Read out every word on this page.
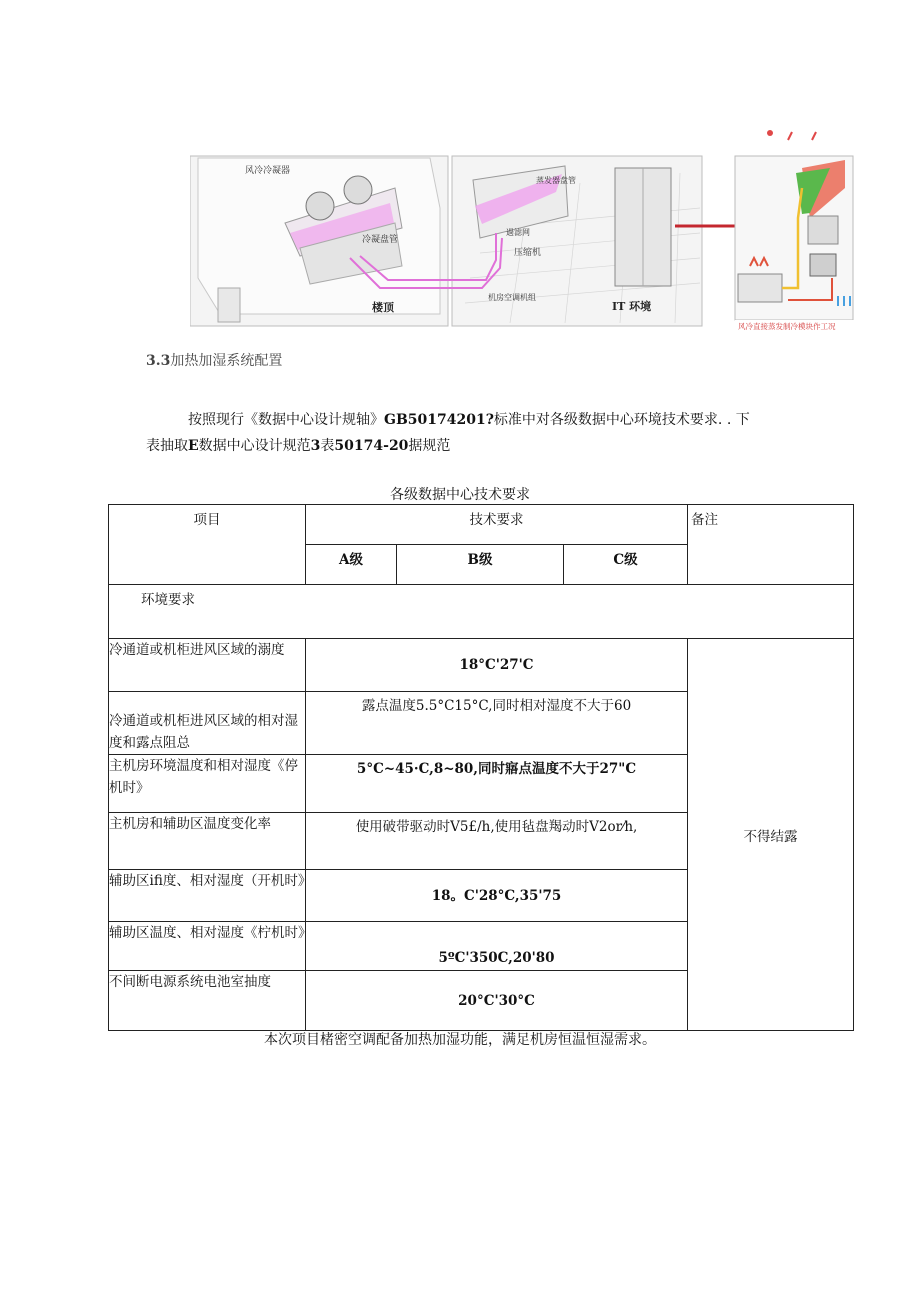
风冷冷凝器
冷凝盘管
楼顶
蒸发器盘管
過滤网
压缩机
机房空调机组
IT 环境
风冷直接蒸发制冷模块作工况
3.3加热加湿系统配置
按照现行《数据中心设计规轴》GB50174201?标准中对各级数据中心环境技术要求. . 下
表抽取E数据中心设计规范3表50174-20据规范
各级数据中心技术要求
项目	技术要求			备注
	A级	B级	C级	
环境要求				
冷通道或机柜进风区域的溺度	18°C'27'C			不得结露
冷通道或机柜进风区域的相对湿度和露点阻总	露点温度5.5°C15°C,同时相对湿度不大于60			
主机房环境温度和相对湿度《停机时》	5°C~45·C,8~80,同时寤点温度不大于27"C			
主机房和辅助区温度变化率	使用破带驱动时V5£/h,使用毡盘羯动时V2or⁄h,			
辅助区ifi度、相对湿度（开机时》	18。C'28°C,35'75			
辅助区温度、相对湿度《柠机时》	5ºC'350C,20'80			
不间断电源系统电池室抽度	20°C'30°C			
本次项目楮密空调配备加热加湿功能，满足机房恒温恒湿需求。
